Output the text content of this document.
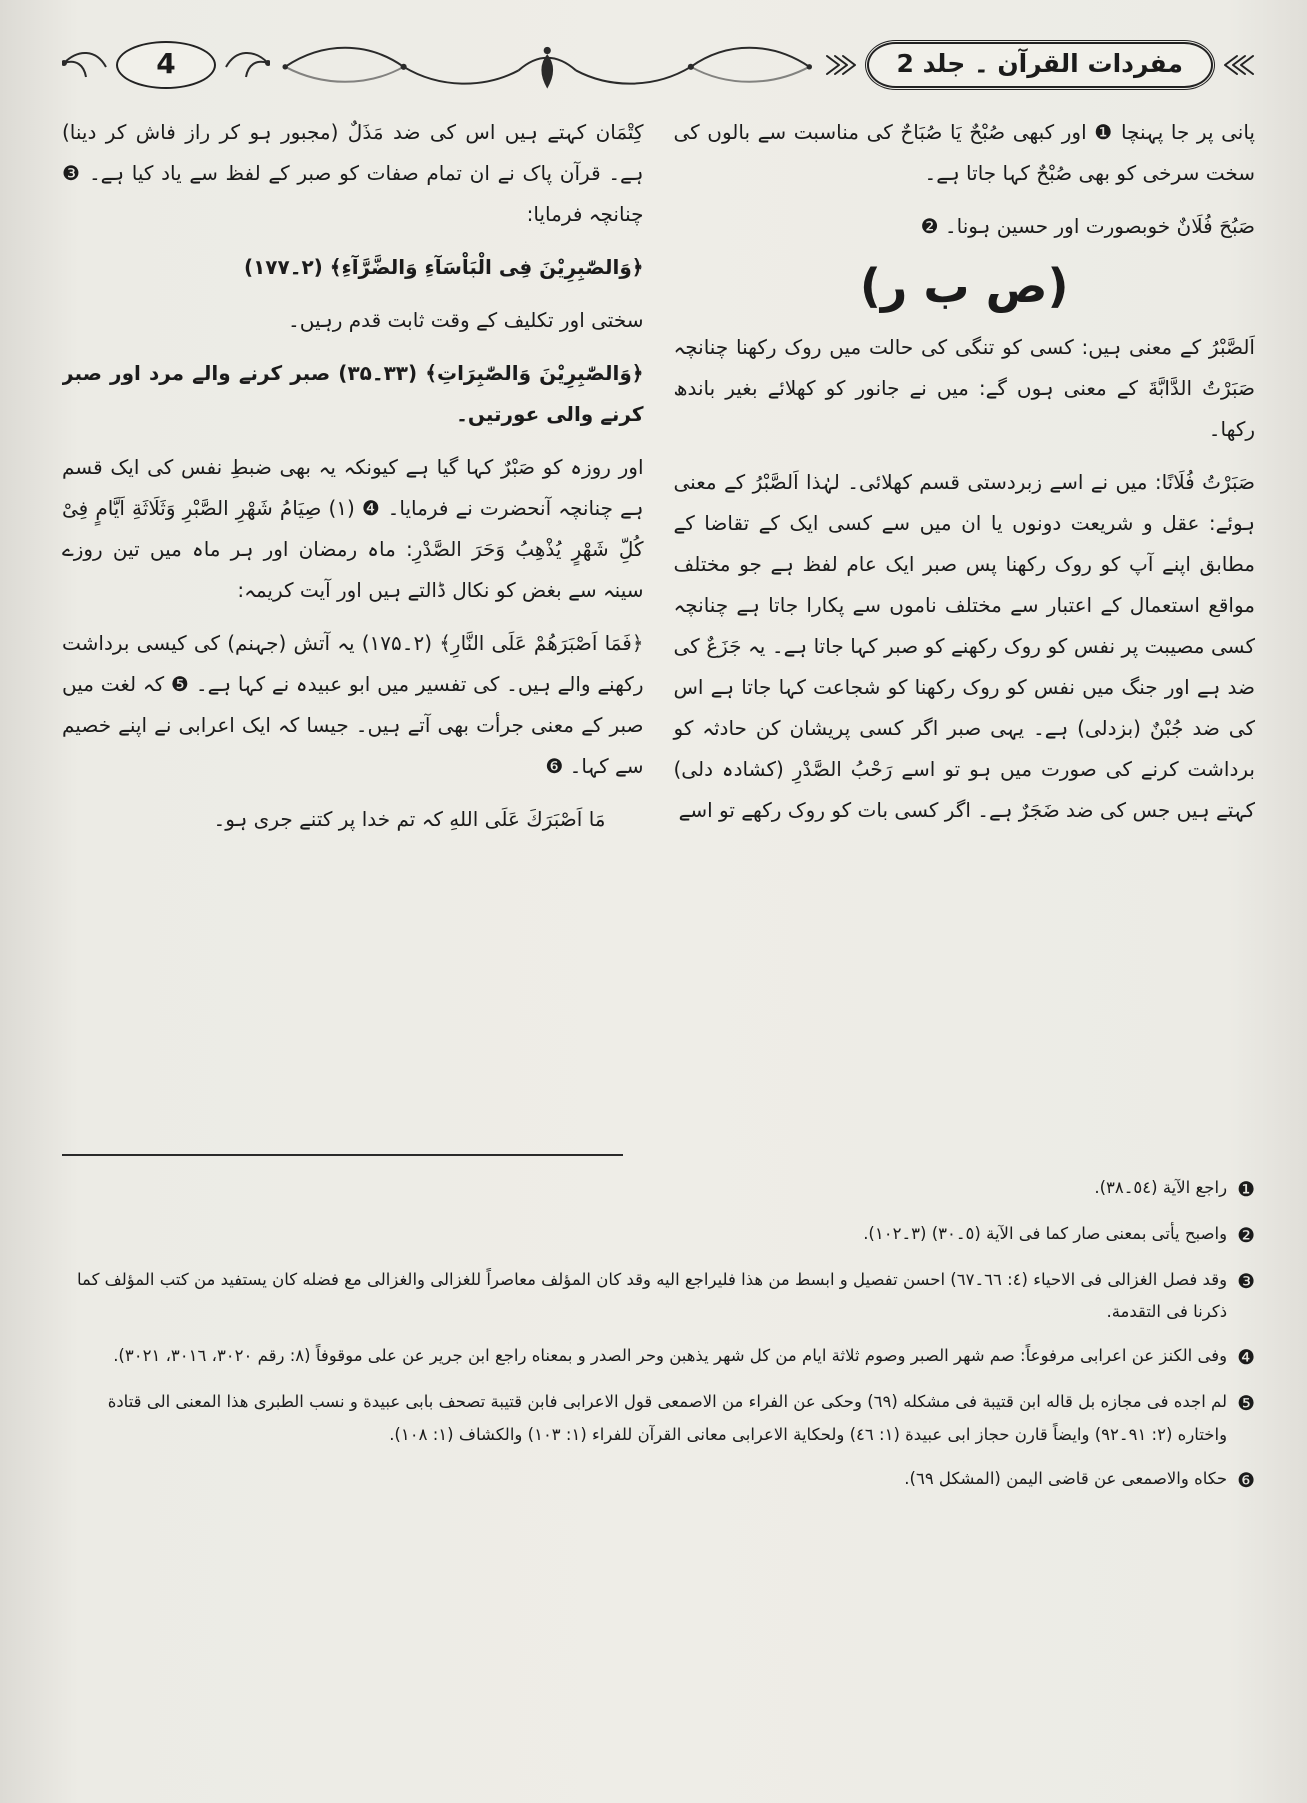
مفردات القرآن ۔ جلد 2
4

پانی پر جا پہنچا ❶ اور کبھی صُبْحٌ یَا صُبَاحٌ کی مناسبت سے بالوں کی سخت سرخی کو بھی صُبْحٌ کہا جاتا ہے۔

صَبُحَ فُلَانٌ خوبصورت اور حسین ہونا۔ ❷

(ص ب ر)

اَلصَّبْرُ کے معنی ہیں: کسی کو تنگی کی حالت میں روک رکھنا چنانچہ صَبَرْتُ الدَّابَّةَ کے معنی ہوں گے: میں نے جانور کو کھلائے بغیر باندھ رکھا۔

صَبَرْتُ فُلَانًا: میں نے اسے زبردستی قسم کھلائی۔ لہٰذا اَلصَّبْرُ کے معنی ہوئے: عقل و شریعت دونوں یا ان میں سے کسی ایک کے تقاضا کے مطابق اپنے آپ کو روک رکھنا پس صبر ایک عام لفظ ہے جو مختلف مواقع استعمال کے اعتبار سے مختلف ناموں سے پکارا جاتا ہے چنانچہ کسی مصیبت پر نفس کو روک رکھنے کو صبر کہا جاتا ہے۔ یہ جَزَعٌ کی ضد ہے اور جنگ میں نفس کو روک رکھنا کو شجاعت کہا جاتا ہے اس کی ضد جُبْنٌ (بزدلی) ہے۔ یہی صبر اگر کسی پریشان کن حادثہ کو برداشت کرنے کی صورت میں ہو تو اسے رَحْبُ الصَّدْرِ (کشادہ دلی) کہتے ہیں جس کی ضد ضَجَرٌ ہے۔ اگر کسی بات کو روک رکھے تو اسے

کِتْمَان کہتے ہیں اس کی ضد مَذَلٌ (مجبور ہو کر راز فاش کر دینا) ہے۔ قرآن پاک نے ان تمام صفات کو صبر کے لفظ سے یاد کیا ہے۔ ❸ چنانچہ فرمایا:

﴿وَالصّٰبِرِيْنَ فِی الْبَاْسَآءِ وَالضَّرَّآءِ﴾ (۲۔۱۷۷)

سختی اور تکلیف کے وقت ثابت قدم رہیں۔

﴿وَالصّٰبِرِيْنَ وَالصّٰبِرَاتِ﴾ (۳۳۔۳۵) صبر کرنے والے مرد اور صبر کرنے والی عورتیں۔

اور روزہ کو صَبْرٌ کہا گیا ہے کیونکہ یہ بھی ضبطِ نفس کی ایک قسم ہے چنانچہ آنحضرت نے فرمایا۔ ❹ (۱) صِيَامُ شَهْرِ الصَّبْرِ وَثَلَاثَةِ اَيَّامٍ فِیْ كُلِّ شَهْرٍ يُذْهِبُ وَحَرَ الصَّدْرِ: ماہ رمضان اور ہر ماہ میں تین روزے سینہ سے بغض کو نکال ڈالتے ہیں اور آیت کریمہ:

﴿فَمَا اَصْبَرَهُمْ عَلَی النَّارِ﴾ (۲۔۱۷۵) یہ آتش (جہنم) کی کیسی برداشت رکھنے والے ہیں۔ کی تفسیر میں ابو عبیدہ نے کہا ہے۔ ❺ کہ لغت میں صبر کے معنی جرأت بھی آتے ہیں۔ جیسا کہ ایک اعرابی نے اپنے خصیم سے کہا۔ ❻

مَا اَصْبَرَكَ عَلَی اللهِ کہ تم خدا پر کتنے جری ہو۔

❶
راجع الآية (٥٤۔٣٨).
❷
واصبح يأتی بمعنى صار كما فی الآية (٥۔٣٠) (٣۔١٠٢).
❸
وقد فصل الغزالی فی الاحياء (٤: ٦٦۔٦٧) احسن تفصيل و ابسط من هذا فليراجع اليه وقد كان المؤلف معاصراً للغزالی والغزالی مع فضله كان يستفيد من كتب المؤلف كما ذكرنا فی التقدمة.
❹
وفی الكنز عن اعرابی مرفوعاً: صم شهر الصبر وصوم ثلاثة ايام من كل شهر يذهبن وحر الصدر و بمعناه راجع ابن جرير عن علی موقوفاً (٨: رقم ٣٠٢٠، ٣٠١٦، ٣٠٢١).
❺
لم اجده فی مجازه بل قاله ابن قتيبة فی مشكله (٦٩) وحكى عن الفراء من الاصمعی قول الاعرابی فابن قتيبة تصحف بابی عبيدة و نسب الطبری هذا المعنى الى قتادة واختاره (٢: ٩١۔٩٢) وايضاً قارن حجاز ابی عبيدة (١: ٤٦) ولحكاية الاعرابی معانی القرآن للفراء (١: ١٠٣) والكشاف (١: ١٠٨).
❻
حكاه والاصمعی عن قاضی اليمن (المشكل ٦٩).
